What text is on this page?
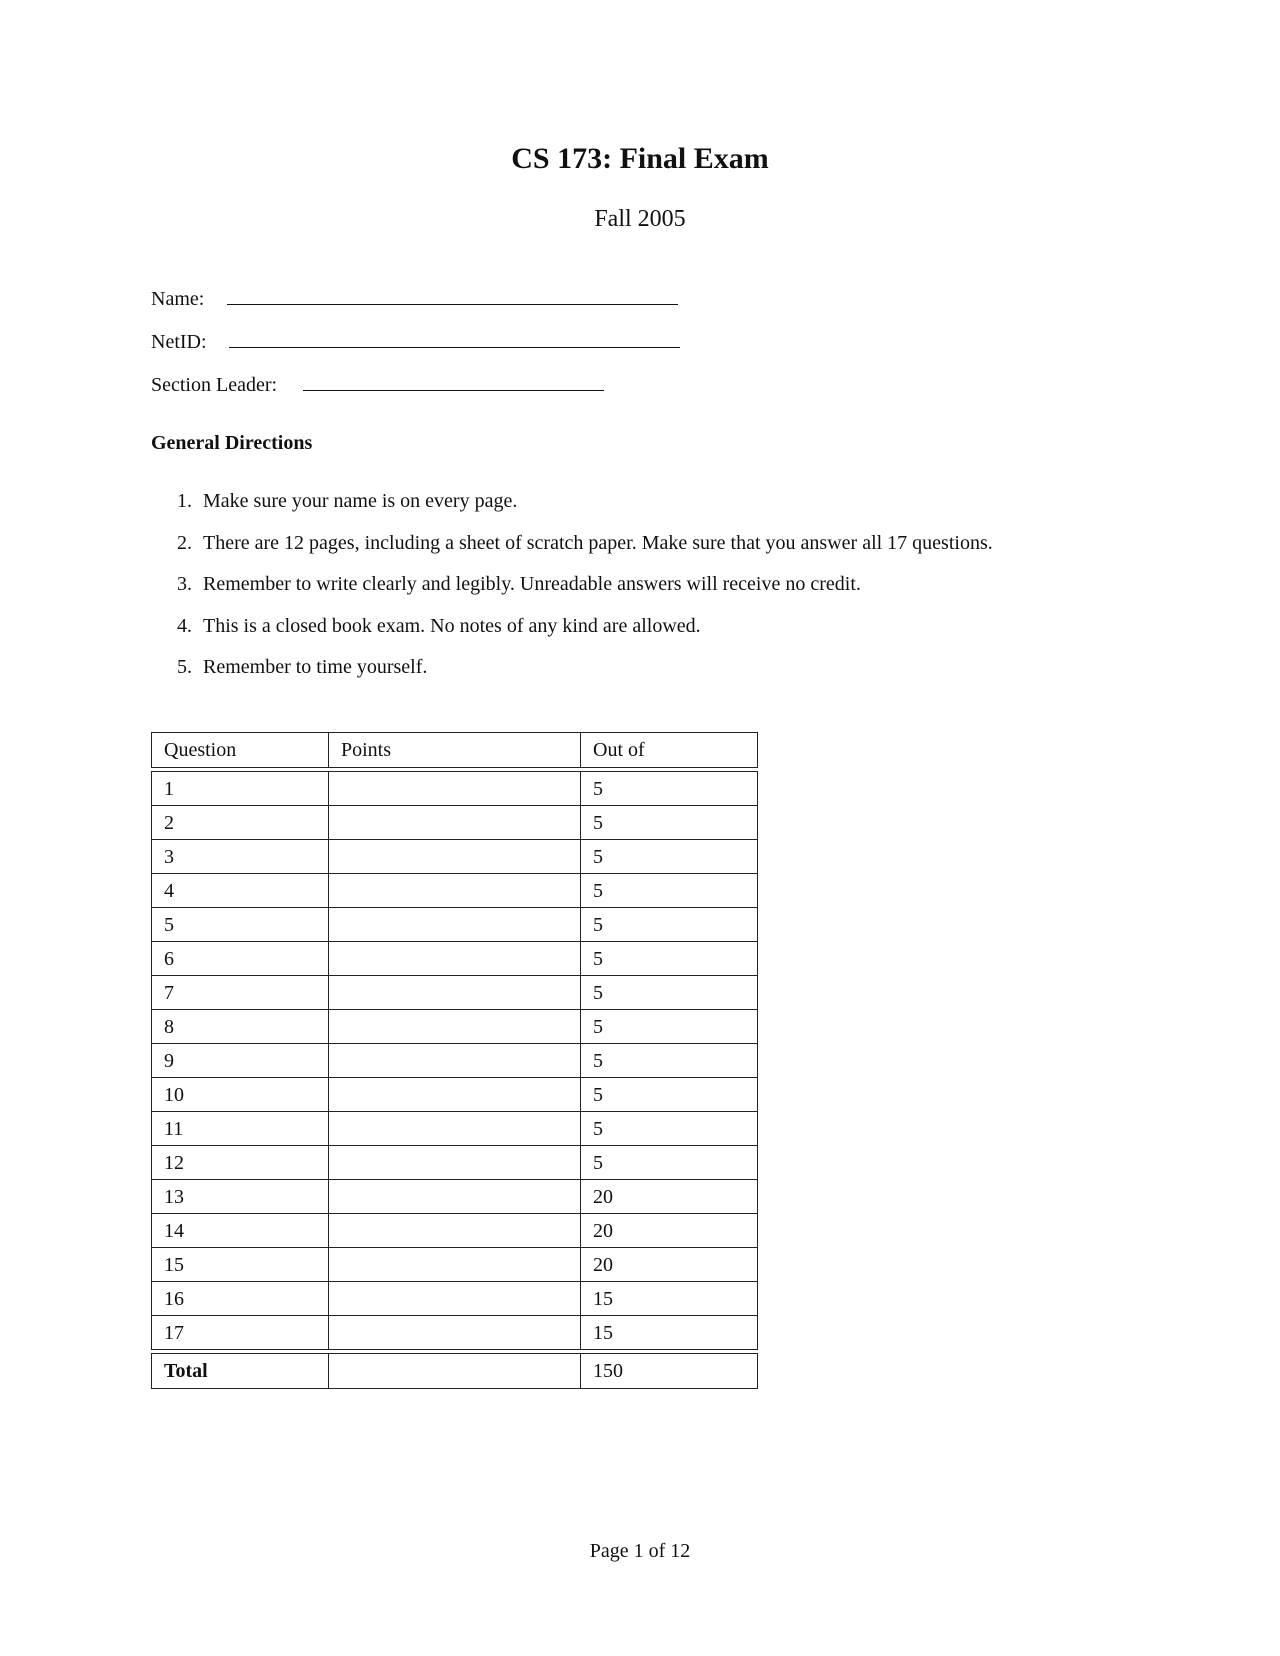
CS 173: Final Exam
Fall 2005
Name:
NetID:
Section Leader:
General Directions
1. Make sure your name is on every page.
2. There are 12 pages, including a sheet of scratch paper. Make sure that you answer all 17 questions.
3. Remember to write clearly and legibly. Unreadable answers will receive no credit.
4. This is a closed book exam. No notes of any kind are allowed.
5. Remember to time yourself.
Question	Points	Out of

1		5
2		5
3		5
4		5
5		5
6		5
7		5
8		5
9		5
10		5
11		5
12		5
13		20
14		20
15		20
16		15
17		15

Total		150
Page 1 of 12
